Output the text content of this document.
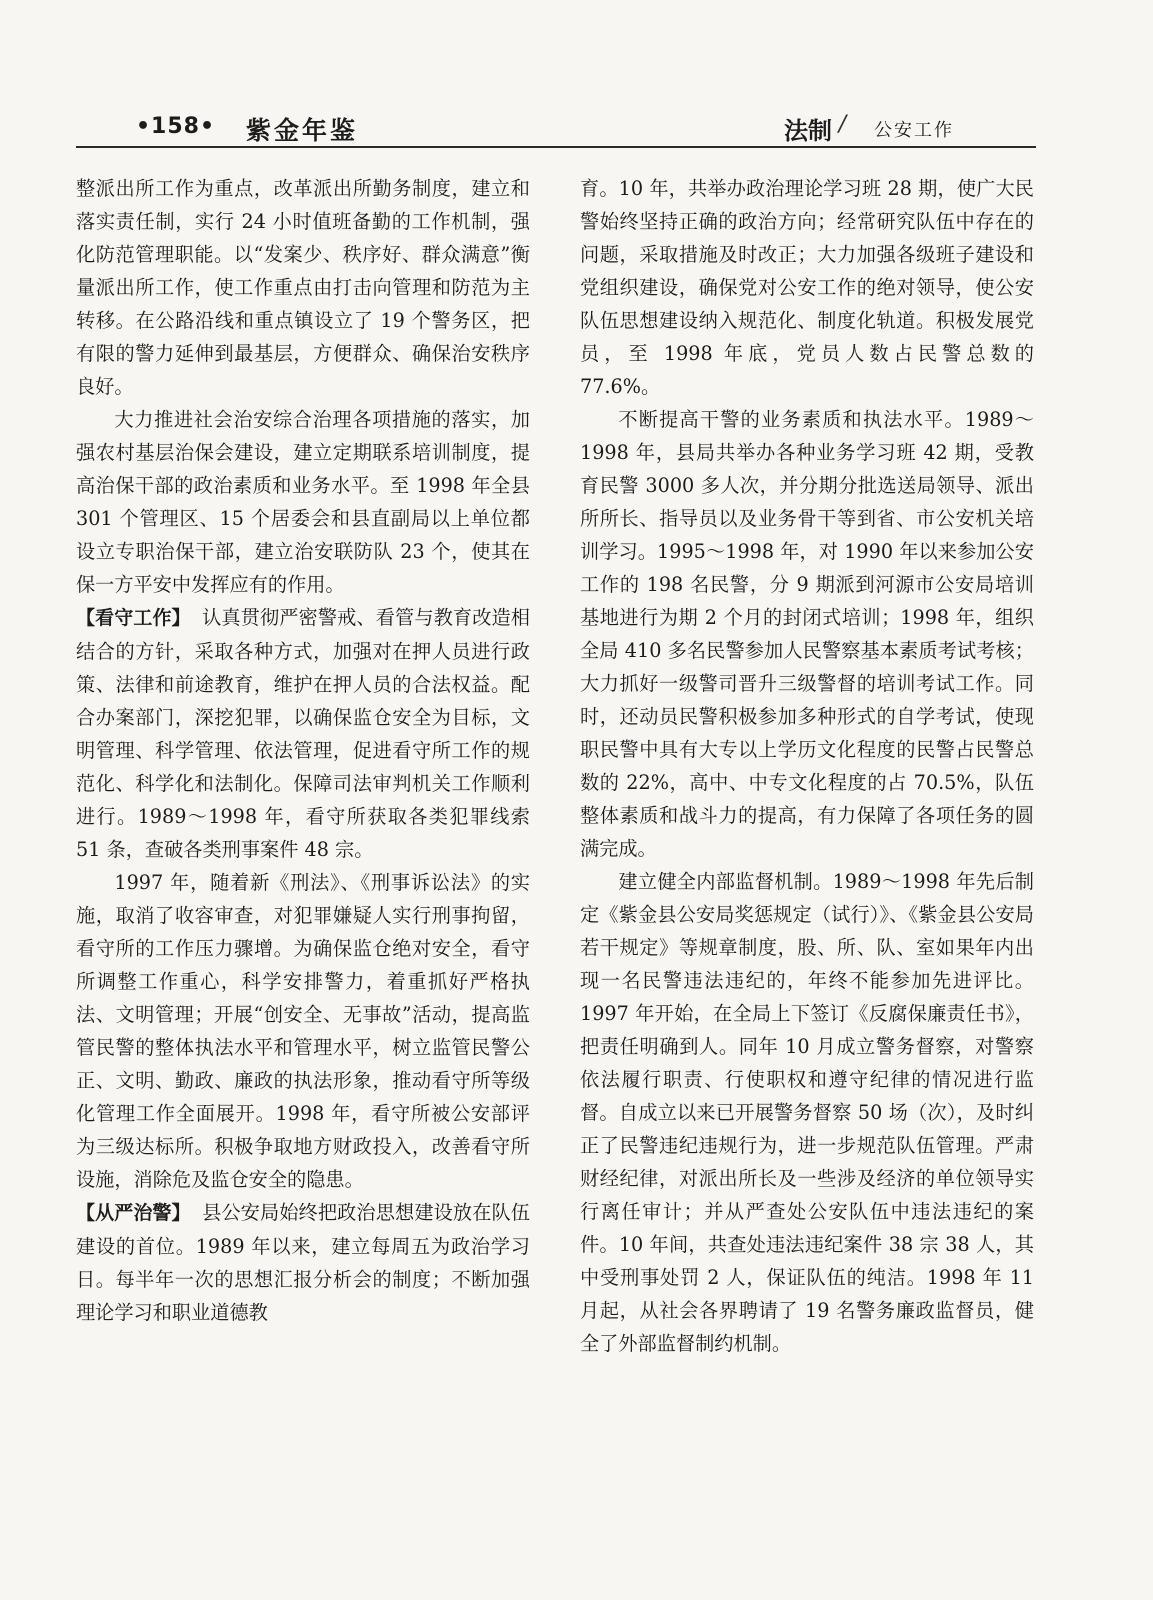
•158• 紫金年鉴	法制 / 公安工作

整派出所工作为重点，改革派出所勤务制度，建立和落实责任制，实行 24 小时值班备勤的工作机制，强化防范管理职能。以“发案少、秩序好、群众满意”衡量派出所工作，使工作重点由打击向管理和防范为主转移。在公路沿线和重点镇设立了 19 个警务区，把有限的警力延伸到最基层，方便群众、确保治安秩序良好。

大力推进社会治安综合治理各项措施的落实，加强农村基层治保会建设，建立定期联系培训制度，提高治保干部的政治素质和业务水平。至 1998 年全县 301 个管理区、15 个居委会和县直副局以上单位都设立专职治保干部，建立治安联防队 23 个，使其在保一方平安中发挥应有的作用。

【看守工作】 认真贯彻严密警戒、看管与教育改造相结合的方针，采取各种方式，加强对在押人员进行政策、法律和前途教育，维护在押人员的合法权益。配合办案部门，深挖犯罪，以确保监仓安全为目标，文明管理、科学管理、依法管理，促进看守所工作的规范化、科学化和法制化。保障司法审判机关工作顺利进行。1989～1998 年，看守所获取各类犯罪线索 51 条，查破各类刑事案件 48 宗。

1997 年，随着新《刑法》、《刑事诉讼法》的实施，取消了收容审查，对犯罪嫌疑人实行刑事拘留，看守所的工作压力骤增。为确保监仓绝对安全，看守所调整工作重心，科学安排警力，着重抓好严格执法、文明管理；开展“创安全、无事故”活动，提高监管民警的整体执法水平和管理水平，树立监管民警公正、文明、勤政、廉政的执法形象，推动看守所等级化管理工作全面展开。1998 年，看守所被公安部评为三级达标所。积极争取地方财政投入，改善看守所设施，消除危及监仓安全的隐患。

【从严治警】 县公安局始终把政治思想建设放在队伍建设的首位。1989 年以来，建立每周五为政治学习日。每半年一次的思想汇报分析会的制度；不断加强理论学习和职业道德教

育。10 年，共举办政治理论学习班 28 期，使广大民警始终坚持正确的政治方向；经常研究队伍中存在的问题，采取措施及时改正；大力加强各级班子建设和党组织建设，确保党对公安工作的绝对领导，使公安队伍思想建设纳入规范化、制度化轨道。积极发展党员，至 1998 年底，党员人数占民警总数的 77.6%。

不断提高干警的业务素质和执法水平。1989～1998 年，县局共举办各种业务学习班 42 期，受教育民警 3000 多人次，并分期分批选送局领导、派出所所长、指导员以及业务骨干等到省、市公安机关培训学习。1995～1998 年，对 1990 年以来参加公安工作的 198 名民警，分 9 期派到河源市公安局培训基地进行为期 2 个月的封闭式培训；1998 年，组织全局 410 多名民警参加人民警察基本素质考试考核；大力抓好一级警司晋升三级警督的培训考试工作。同时，还动员民警积极参加多种形式的自学考试，使现职民警中具有大专以上学历文化程度的民警占民警总数的 22%，高中、中专文化程度的占 70.5%，队伍整体素质和战斗力的提高，有力保障了各项任务的圆满完成。

建立健全内部监督机制。1989～1998 年先后制定《紫金县公安局奖惩规定（试行）》、《紫金县公安局若干规定》等规章制度，股、所、队、室如果年内出现一名民警违法违纪的，年终不能参加先进评比。1997 年开始，在全局上下签订《反腐保廉责任书》，把责任明确到人。同年 10 月成立警务督察，对警察依法履行职责、行使职权和遵守纪律的情况进行监督。自成立以来已开展警务督察 50 场（次），及时纠正了民警违纪违规行为，进一步规范队伍管理。严肃财经纪律，对派出所长及一些涉及经济的单位领导实行离任审计；并从严查处公安队伍中违法违纪的案件。10 年间，共查处违法违纪案件 38 宗 38 人，其中受刑事处罚 2 人，保证队伍的纯洁。1998 年 11 月起，从社会各界聘请了 19 名警务廉政监督员，健全了外部监督制约机制。
